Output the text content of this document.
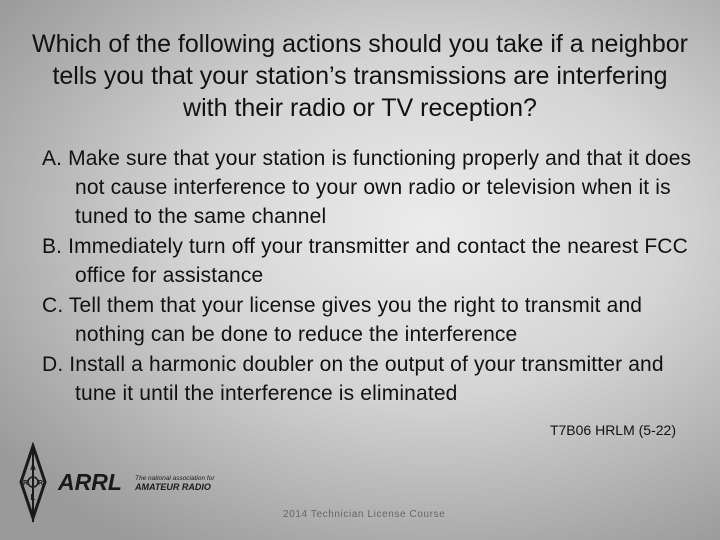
Which of the following actions should you take if a neighbor tells you that your station’s transmissions are interfering with their radio or TV reception?

A. Make sure that your station is functioning properly and that it does not cause interference to your own radio or television when it is tuned to the same channel

B. Immediately turn off your transmitter and contact the nearest FCC office for assistance

C. Tell them that your license gives you the right to transmit and nothing can be done to reduce the interference

D. Install a harmonic doubler on the output of your transmitter and tune it until the interference is eliminated

T7B06 HRLM (5-22)
A
R R
L
ARRL The national association for
AMATEUR RADIO
2014 Technician License Course
